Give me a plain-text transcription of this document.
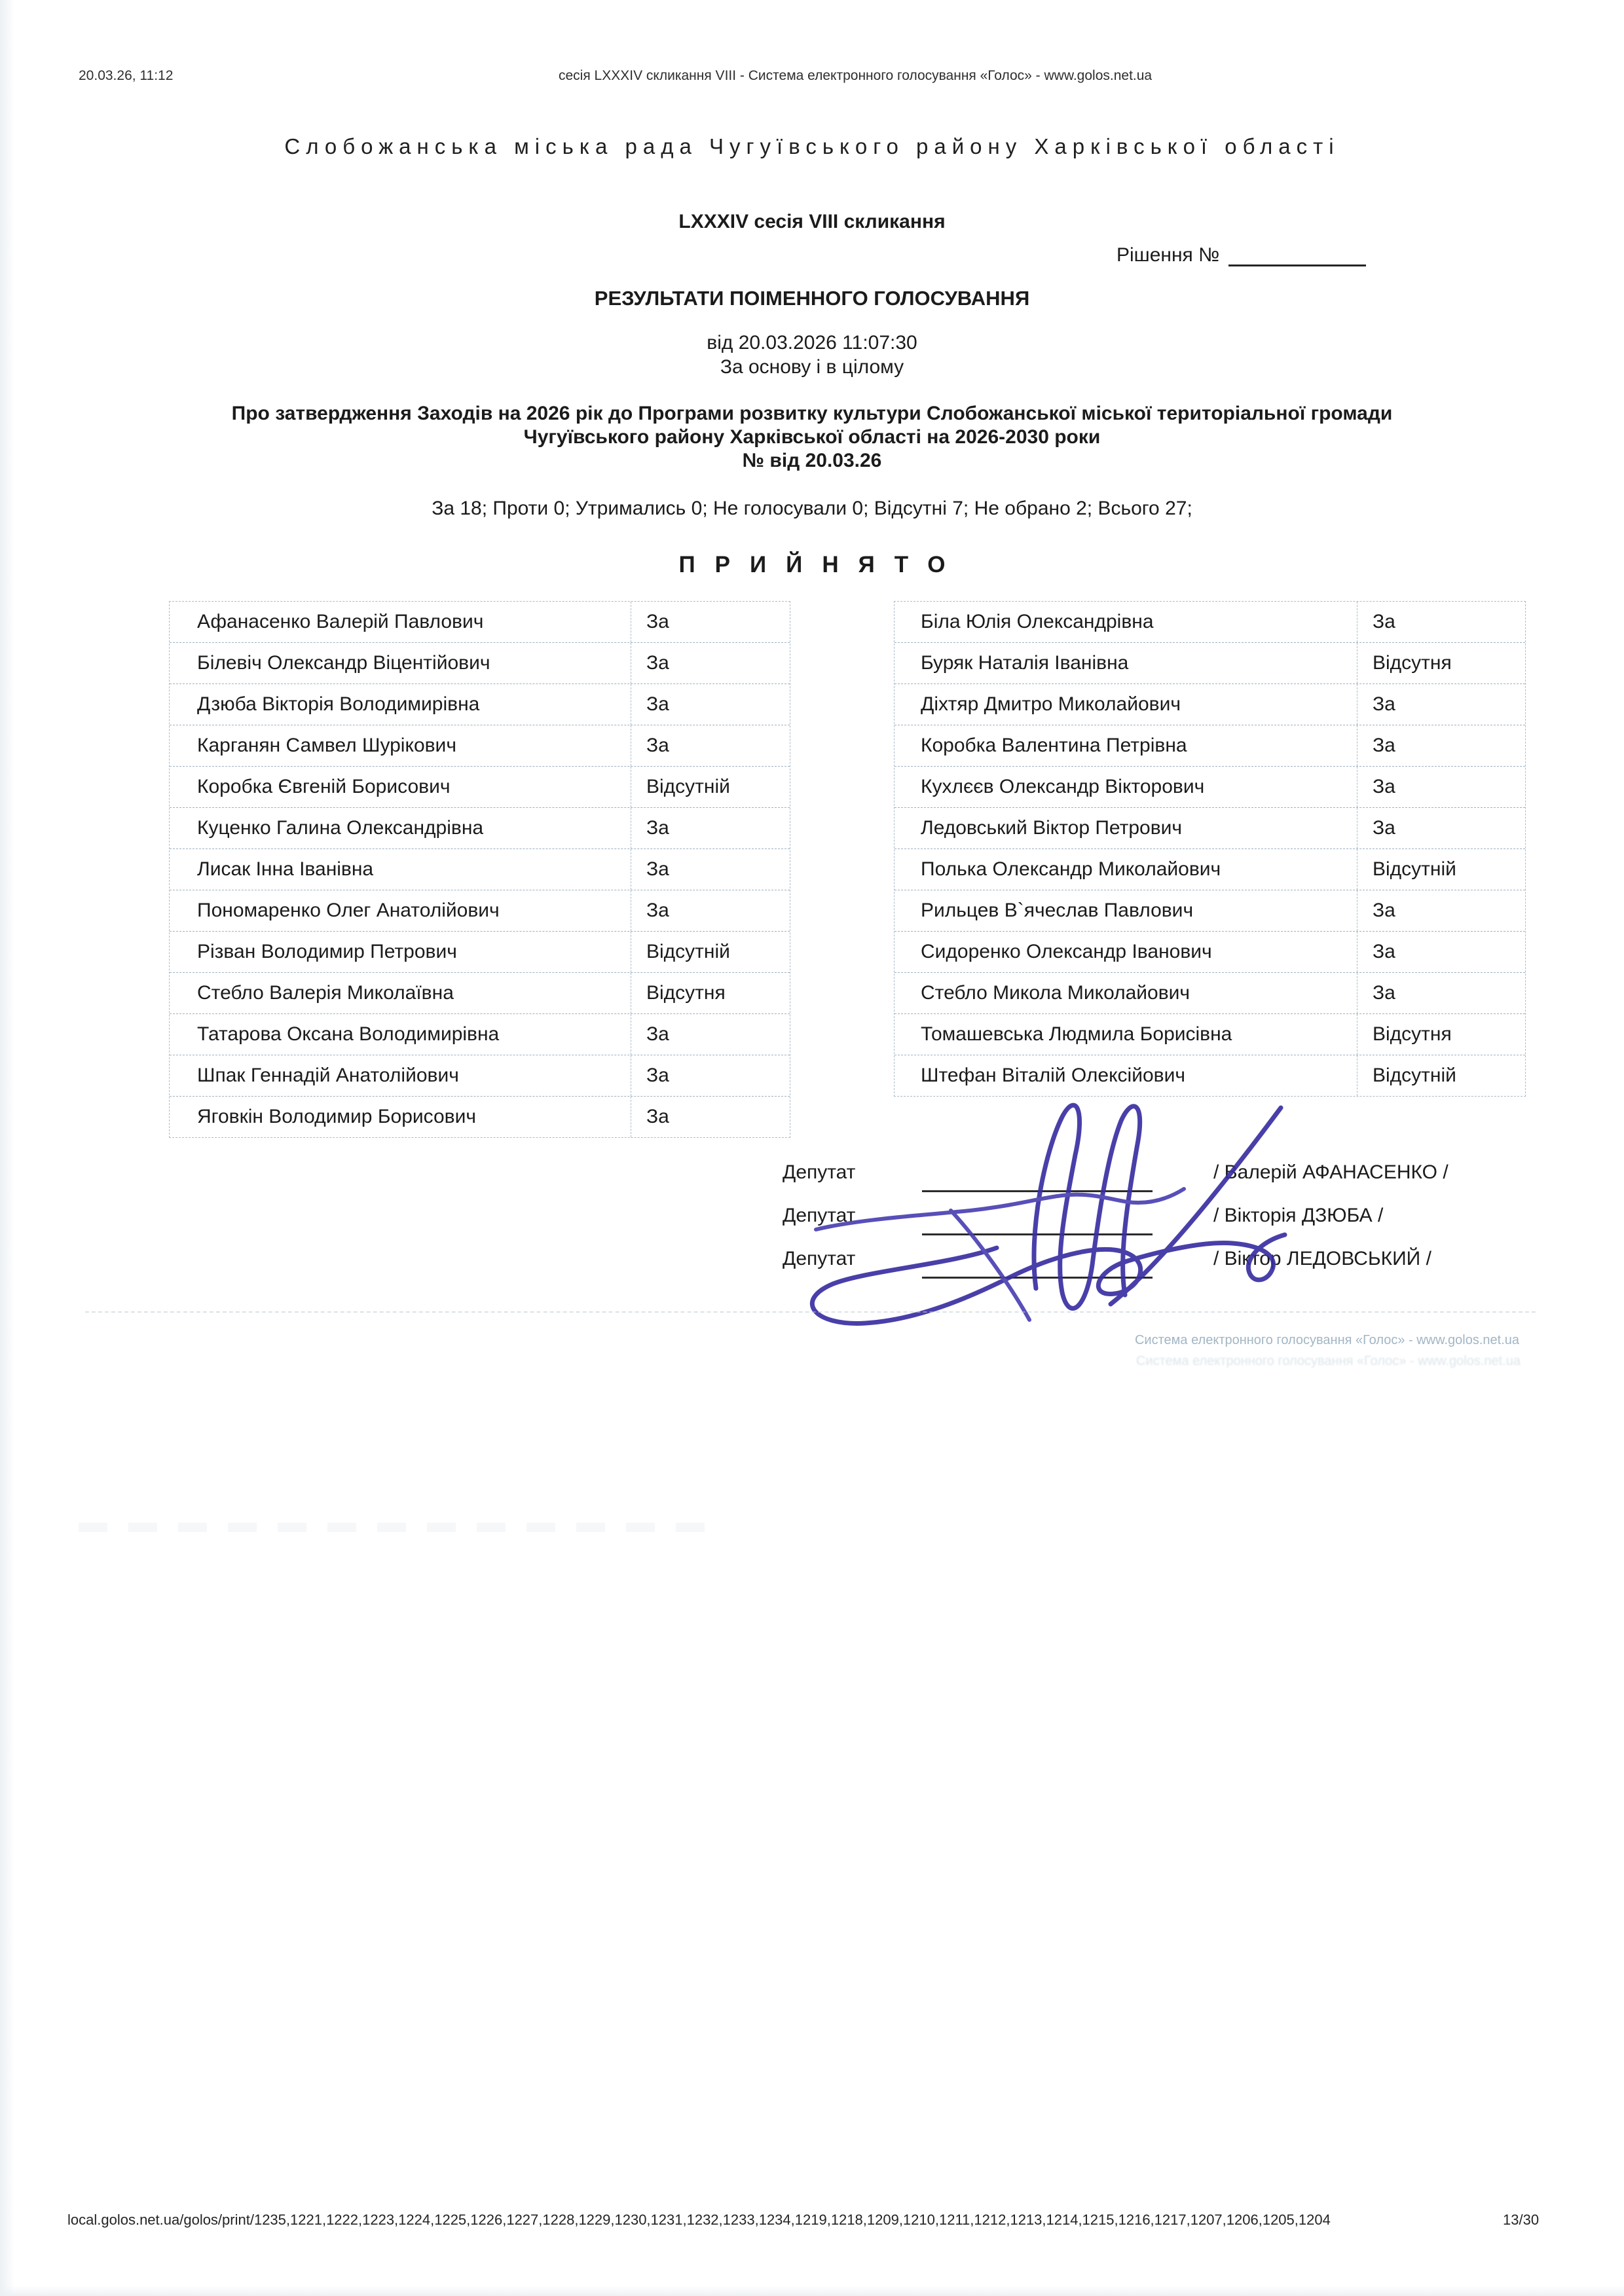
20.03.26, 11:12	сесія LXXXIV скликання VIII - Система електронного голосування «Голос» - www.golos.net.ua
Слобожанська міська рада Чугуївського району Харківської області
LXXXIV сесія VIII скликання
Рішення №
РЕЗУЛЬТАТИ ПОІМЕННОГО ГОЛОСУВАННЯ
від 20.03.2026 11:07:30
За основу і в цілому
Про затвердження Заходів на 2026 рік до Програми розвитку культури Слобожанської міської територіальної громади
Чугуївського району Харківської області на 2026-2030 роки
№ від 20.03.26
За 18; Проти 0; Утримались 0; Не голосували 0; Відсутні 7; Не обрано 2; Всього 27;
ПРИЙНЯТО
Афанасенко Валерій Павлович	За
Білевіч Олександр Віцентійович	За
Дзюба Вікторія Володимирівна	За
Карганян Самвел Шурікович	За
Коробка Євгеній Борисович	Відсутній
Куценко Галина Олександрівна	За
Лисак Інна Іванівна	За
Пономаренко Олег Анатолійович	За
Різван Володимир Петрович	Відсутній
Стебло Валерія Миколаївна	Відсутня
Татарова Оксана Володимирівна	За
Шпак Геннадій Анатолійович	За
Яговкін Володимир Борисович	За
Біла Юлія Олександрівна	За
Буряк Наталія Іванівна	Відсутня
Діхтяр Дмитро Миколайович	За
Коробка Валентина Петрівна	За
Кухлєєв Олександр Вікторович	За
Ледовський Віктор Петрович	За
Полька Олександр Миколайович	Відсутній
Рильцев В`ячеслав Павлович	За
Сидоренко Олександр Іванович	За
Стебло Микола Миколайович	За
Томашевська Людмила Борисівна	Відсутня
Штефан Віталій Олексійович	Відсутній
Депутат	/ Валерій АФАНАСЕНКО /
Депутат	/ Вікторія ДЗЮБА /
Депутат	/ Віктор ЛЕДОВСЬКИЙ /
Система електронного голосування «Голос» - www.golos.net.ua
Система електронного голосування «Голос» - www.golos.net.ua
local.golos.net.ua/golos/print/1235,1221,1222,1223,1224,1225,1226,1227,1228,1229,1230,1231,1232,1233,1234,1219,1218,1209,1210,1211,1212,1213,1214,1215,1216,1217,1207,1206,1205,1204	13/30
